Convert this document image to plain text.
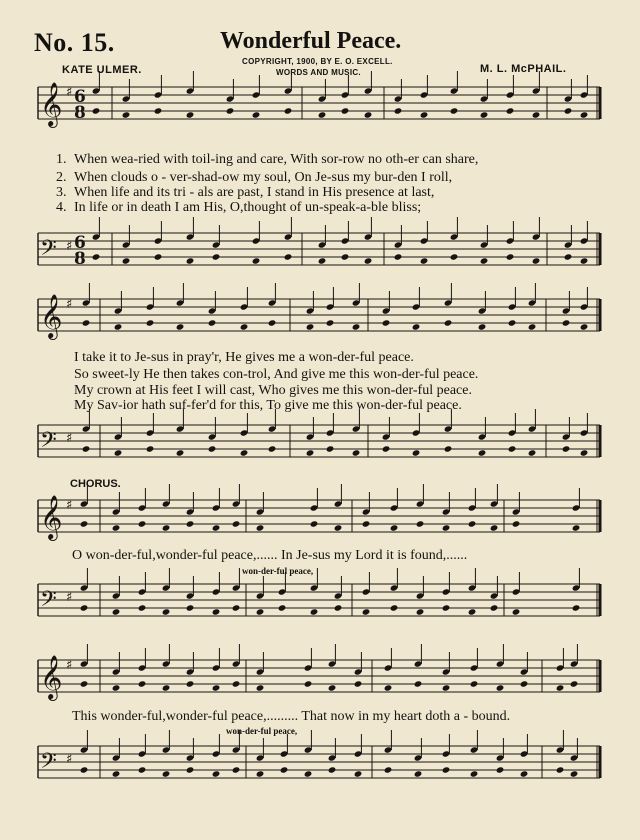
No. 15.	Wonderful Peace.
COPYRIGHT, 1900, BY E. O. EXCELL.
WORDS AND MUSIC.
KATE ULMER.	M. L. McPHAIL.
𝄞 ♯ 6
8
𝄢 ♯ 6
8
𝄞 ♯
𝄢 ♯
𝄞 ♯
𝄢 ♯
𝄞 ♯
𝄢 ♯
1. When wea-ried with toil-ing and care, With sor-row no oth-er can share,
2. When clouds o - ver-shad-ow my soul, On Je-sus my bur-den I roll,
3. When life and its tri - als are past, I stand in His presence at last,
4. In life or in death I am His, O,thought of un-speak-a-ble bliss;
I take it to Je-sus in pray'r, He gives me a won-der-ful peace.
So sweet-ly He then takes con-trol, And give me this won-der-ful peace.
My crown at His feet I will cast, Who gives me this won-der-ful peace.
My Sav-ior hath suf-fer'd for this, To give me this won-der-ful peace.
CHORUS.
O won-der-ful,wonder-ful peace,...... In Je-sus my Lord it is found,......
won-der-ful peace,
This wonder-ful,wonder-ful peace,......... That now in my heart doth a - bound.
won-der-ful peace,
